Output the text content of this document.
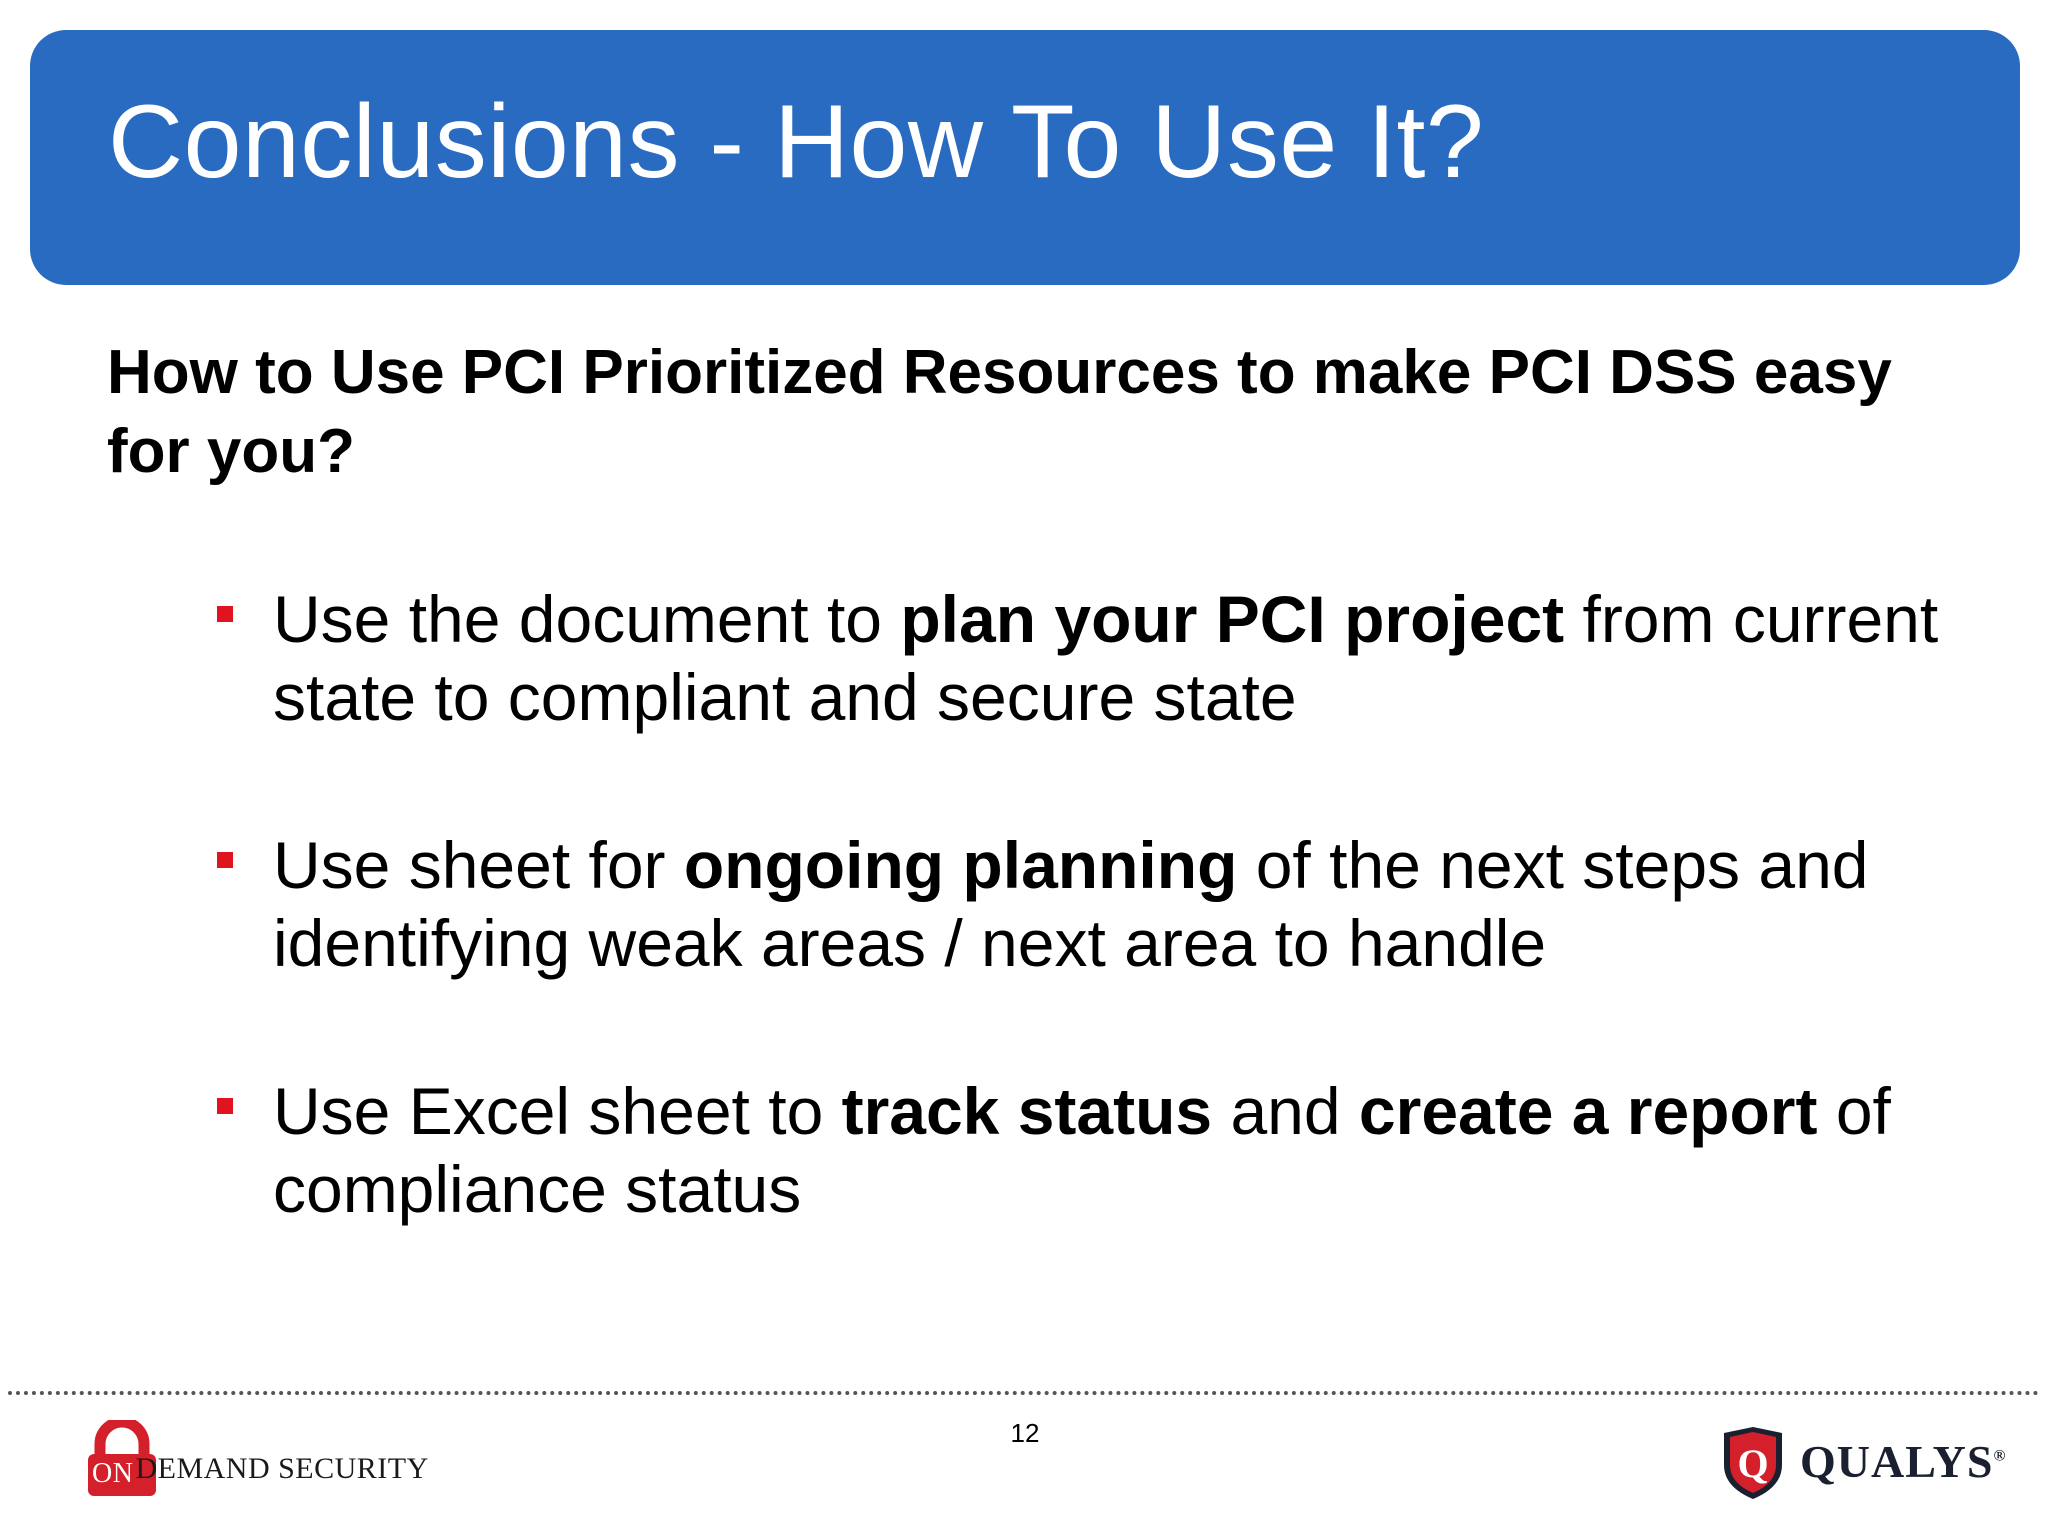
Conclusions - How To Use It?
How to Use PCI Prioritized Resources to make PCI DSS easy for you?
Use the document to plan your PCI project from current state to compliant and secure state
Use sheet for ongoing planning of the next steps and identifying weak areas / next area to handle
Use Excel sheet to track status and create a report of compliance status
12
ONDEMAND SECURITY	Q QUALYS®
